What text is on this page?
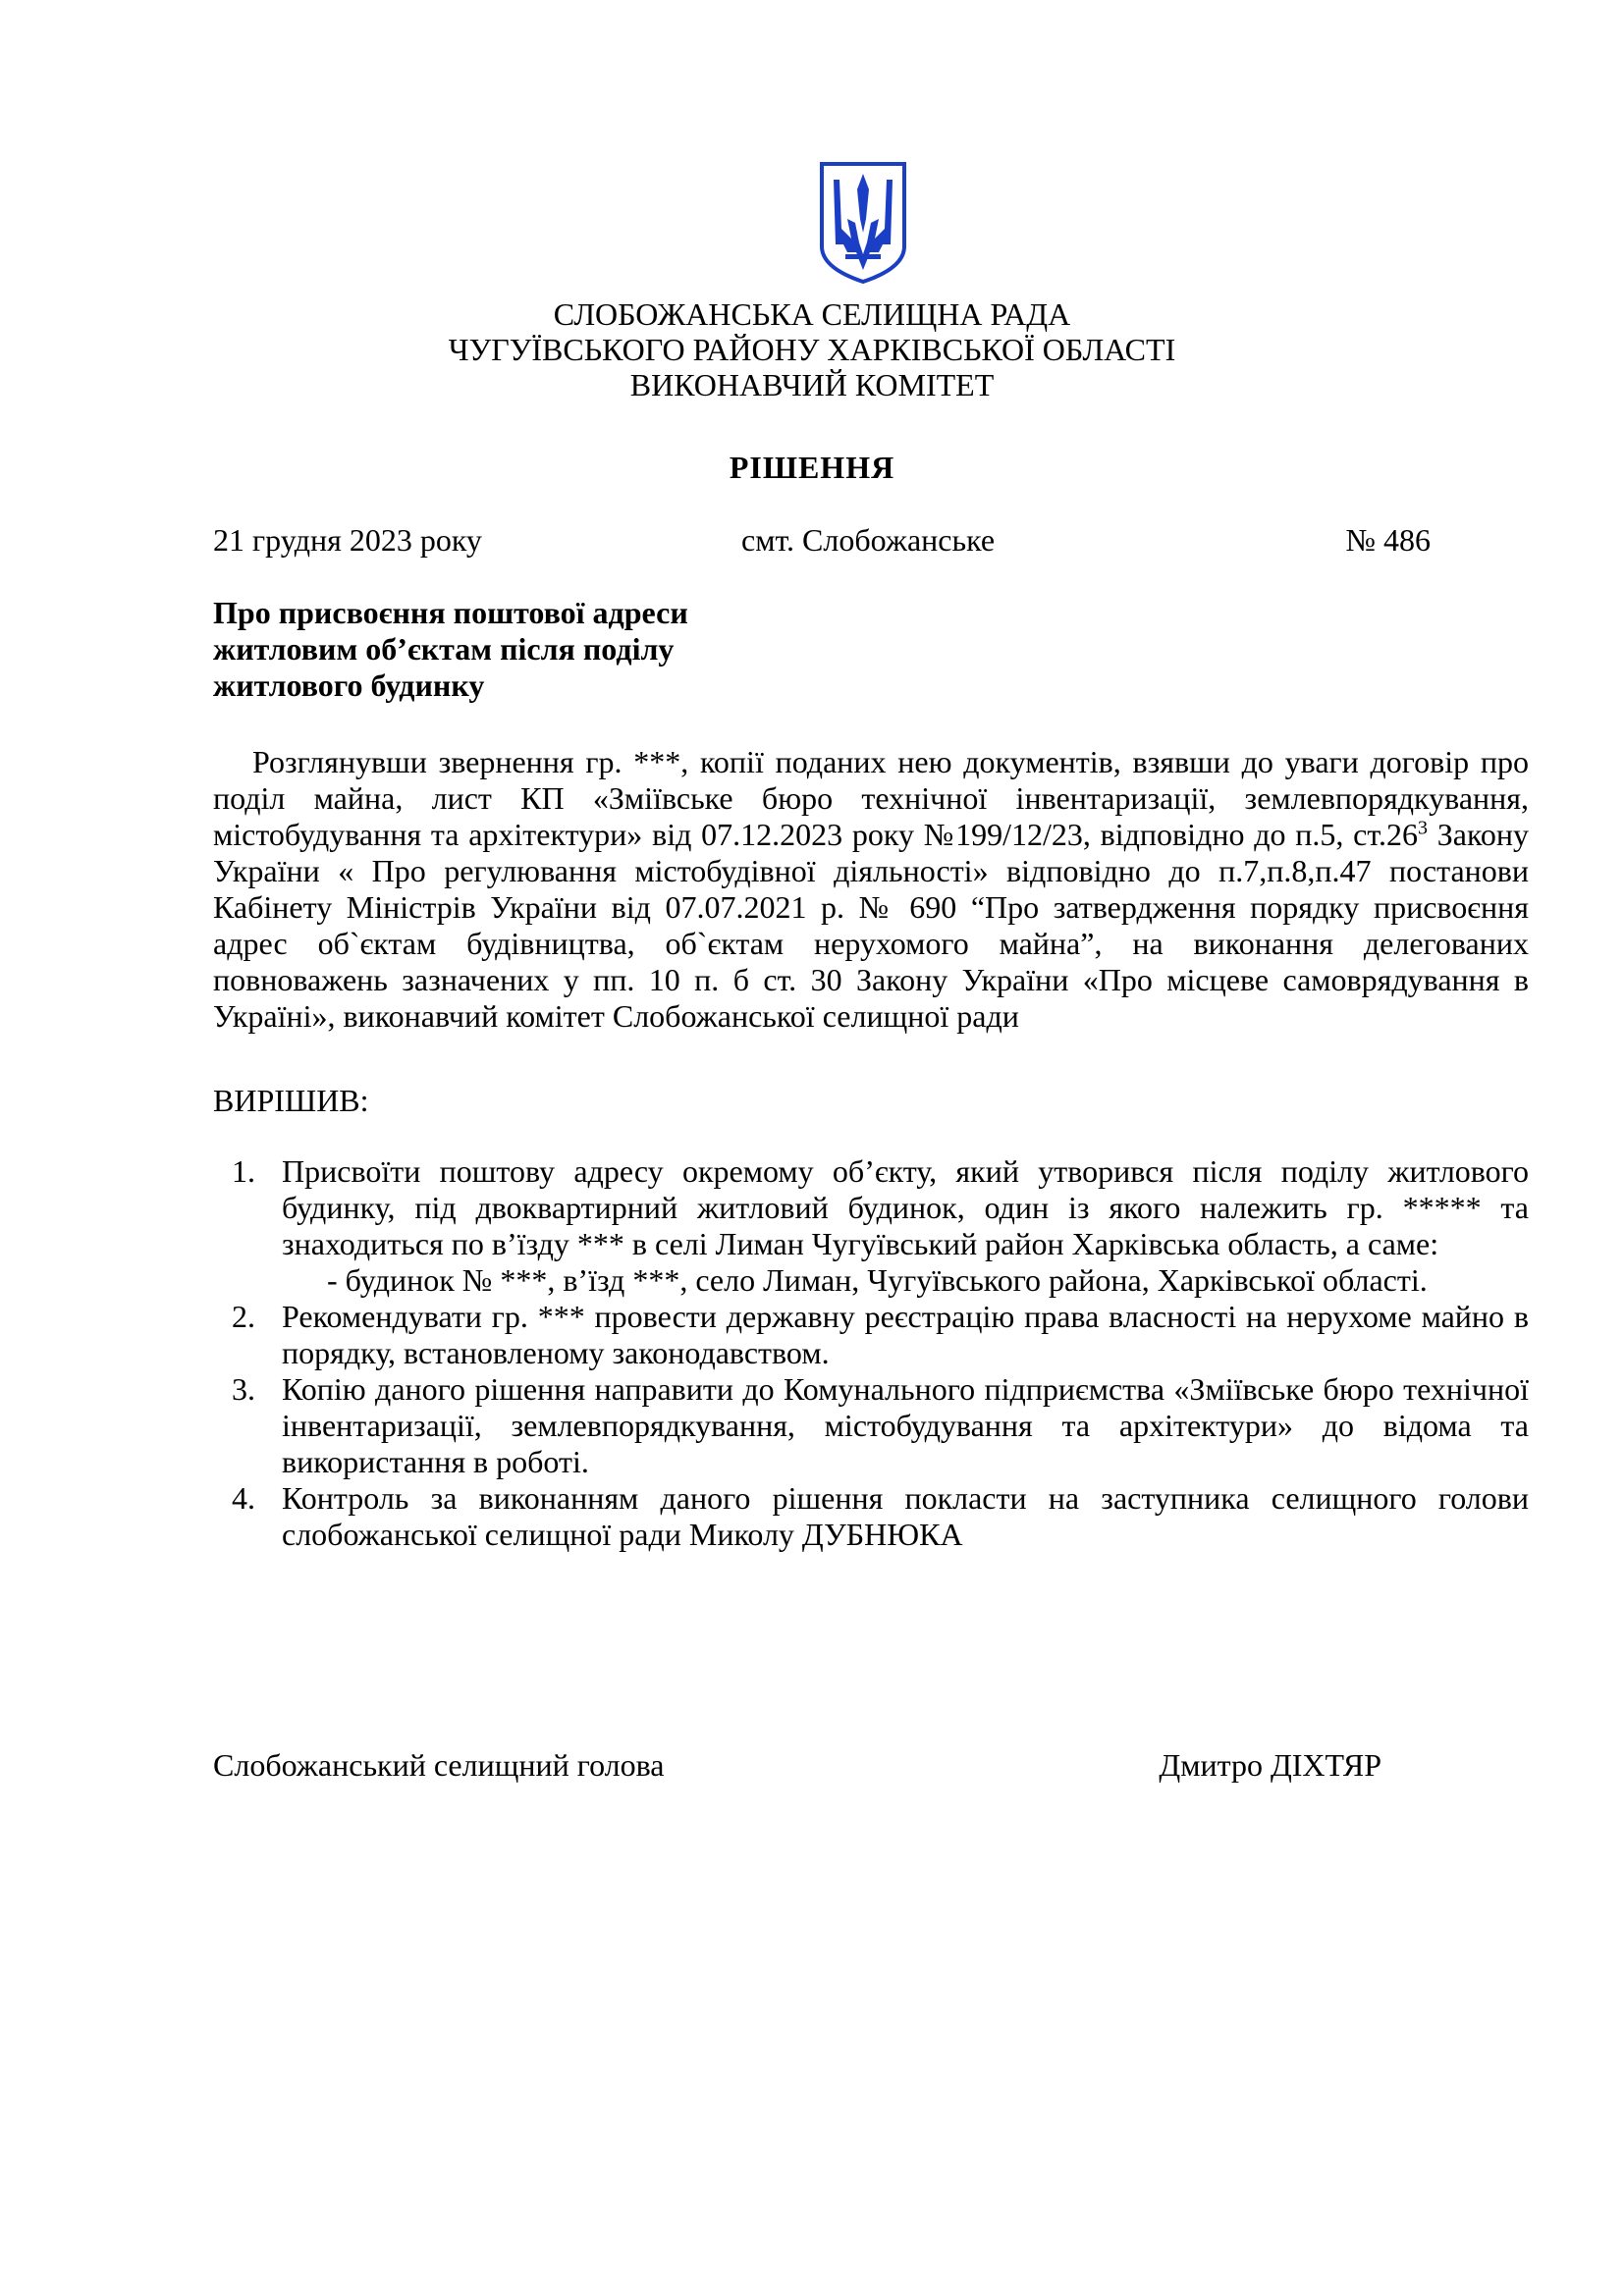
СЛОБОЖАНСЬКА СЕЛИЩНА РАДА
ЧУГУЇВСЬКОГО РАЙОНУ ХАРКІВСЬКОЇ ОБЛАСТІ
ВИКОНАВЧИЙ КОМІТЕТ
РІШЕННЯ
21 грудня 2023 року	смт. Слобожанське	№ 486
Про присвоєння поштової адреси
житловим об’єктам після поділу
житлового будинку

Розглянувши звернення гр. ***, копії поданих нею документів, взявши до уваги договір про поділ майна, лист КП «Зміївське бюро технічної інвентаризації, землевпорядкування, містобудування та архітектури» від 07.12.2023 року №199/12/23, відповідно до п.5, $ст.26^3$ Закону України « Про регулювання містобудівної діяльності» відповідно до п.7,п.8,п.47 постанови Кабінету Міністрів України від 07.07.2021 р. № 690 “Про затвердження порядку присвоєння адрес об`єктам будівництва, об`єктам нерухомого майна”, на виконання делегованих повноважень зазначених у пп. 10 п. б ст. 30 Закону України «Про місцеве самоврядування в Україні», виконавчий комітет Слобожанської селищної ради

ВИРІШИВ:
1. Присвоїти поштову адресу окремому об’єкту, який утворився після поділу житлового будинку, під двоквартирний житловий будинок, один із якого належить гр. ***** та знаходиться по в’їзду *** в селі Лиман Чугуївський район Харківська область, а саме:
- будинок № ***, в’їзд ***, село Лиман, Чугуївського района, Харківської області.
2. Рекомендувати гр. *** провести державну реєстрацію права власності на нерухоме майно в порядку, встановленому законодавством.
3. Копію даного рішення направити до Комунального підприємства «Зміївське бюро технічної інвентаризації, землевпорядкування, містобудування та архітектури» до відома та використання в роботі.
4. Контроль за виконанням даного рішення покласти на заступника селищного голови слобожанської селищної ради Миколу ДУБНЮКА
Слобожанський селищний голова	Дмитро ДІХТЯР
